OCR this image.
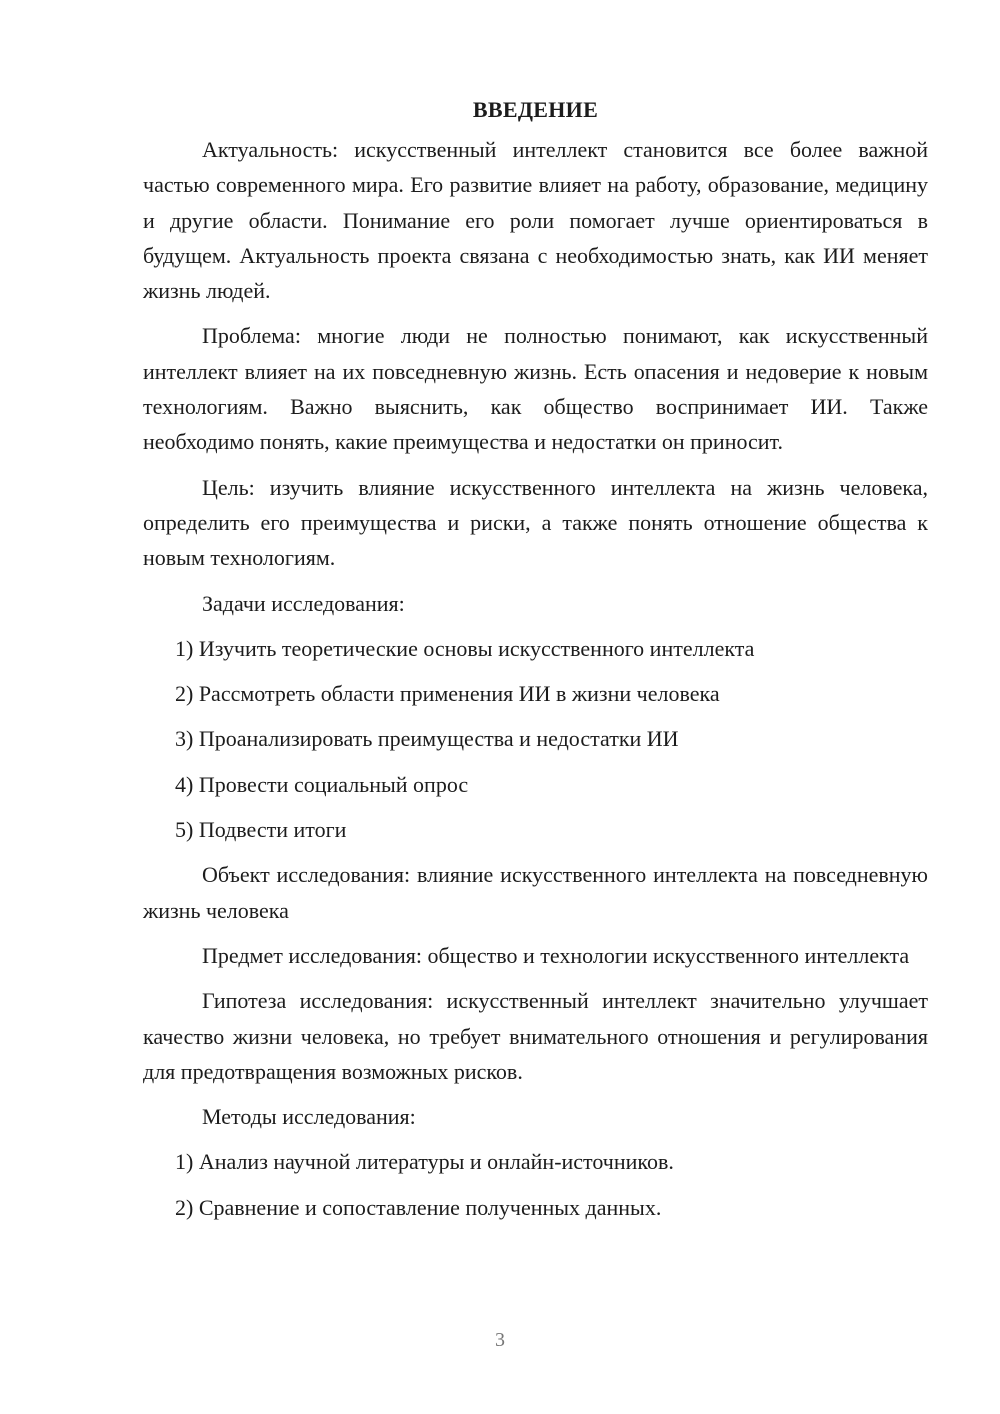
ВВЕДЕНИЕ

Актуальность: искусственный интеллект становится все более важной частью современного мира. Его развитие влияет на работу, образование, медицину и другие области. Понимание его роли помогает лучше ориентироваться в будущем. Актуальность проекта связана с необходимостью знать, как ИИ меняет жизнь людей.

Проблема: многие люди не полностью понимают, как искусственный интеллект влияет на их повседневную жизнь. Есть опасения и недоверие к новым технологиям. Важно выяснить, как общество воспринимает ИИ. Также необходимо понять, какие преимущества и недостатки он приносит.

Цель: изучить влияние искусственного интеллекта на жизнь человека, определить его преимущества и риски, а также понять отношение общества к новым технологиям.

Задачи исследования:
1) Изучить теоретические основы искусственного интеллекта
2) Рассмотреть области применения ИИ в жизни человека
3) Проанализировать преимущества и недостатки ИИ
4) Провести социальный опрос
5) Подвести итоги

Объект исследования: влияние искусственного интеллекта на повседневную жизнь человека

Предмет исследования: общество и технологии искусственного интеллекта

Гипотеза исследования: искусственный интеллект значительно улучшает качество жизни человека, но требует внимательного отношения и регулирования для предотвращения возможных рисков.

Методы исследования:
1) Анализ научной литературы и онлайн-источников.
2) Сравнение и сопоставление полученных данных.
3
